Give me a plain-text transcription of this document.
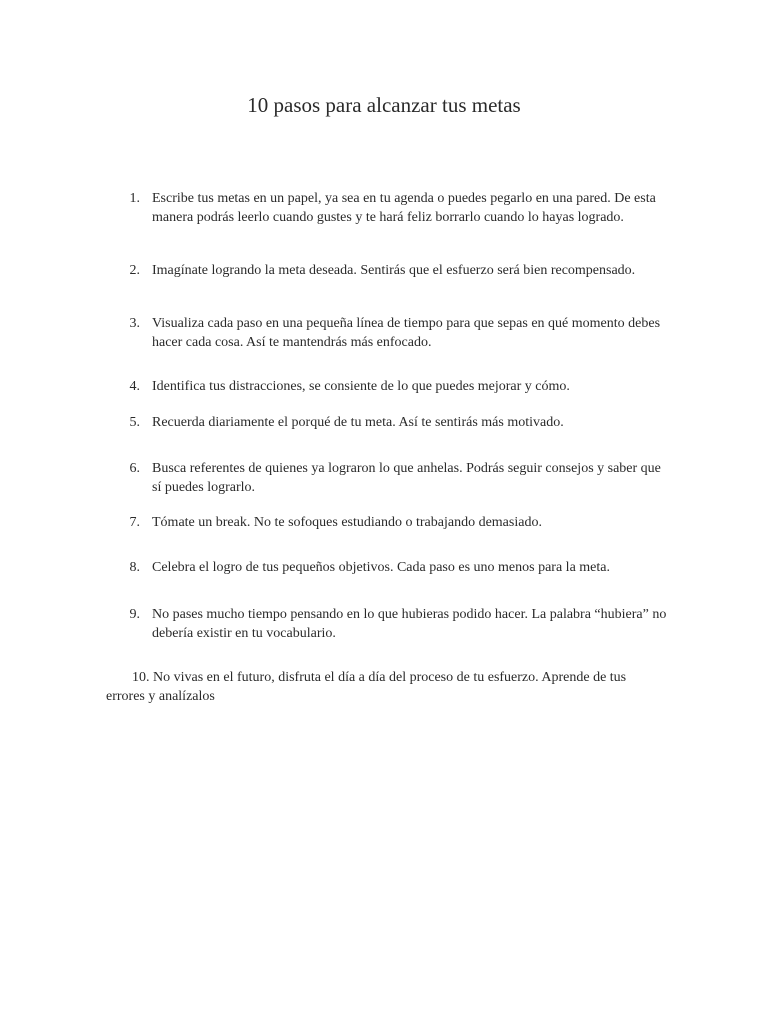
10 pasos para alcanzar tus metas
1. Escribe tus metas en un papel, ya sea en tu agenda o puedes pegarlo en una pared. De esta manera podrás leerlo cuando gustes y te hará feliz borrarlo cuando lo hayas logrado.
2. Imagínate logrando la meta deseada. Sentirás que el esfuerzo será bien recompensado.
3. Visualiza cada paso en una pequeña línea de tiempo para que sepas en qué momento debes hacer cada cosa. Así te mantendrás más enfocado.
4. Identifica tus distracciones, se consiente de lo que puedes mejorar y cómo.
5. Recuerda diariamente el porqué de tu meta. Así te sentirás más motivado.
6. Busca referentes de quienes ya lograron lo que anhelas. Podrás seguir consejos y saber que sí puedes lograrlo.
7. Tómate un break. No te sofoques estudiando o trabajando demasiado.
8. Celebra el logro de tus pequeños objetivos. Cada paso es uno menos para la meta.
9. No pases mucho tiempo pensando en lo que hubieras podido hacer. La palabra “hubiera” no debería existir en tu vocabulario.

10. No vivas en el futuro, disfruta el día a día del proceso de tu esfuerzo. Aprende de tus errores y analízalos
